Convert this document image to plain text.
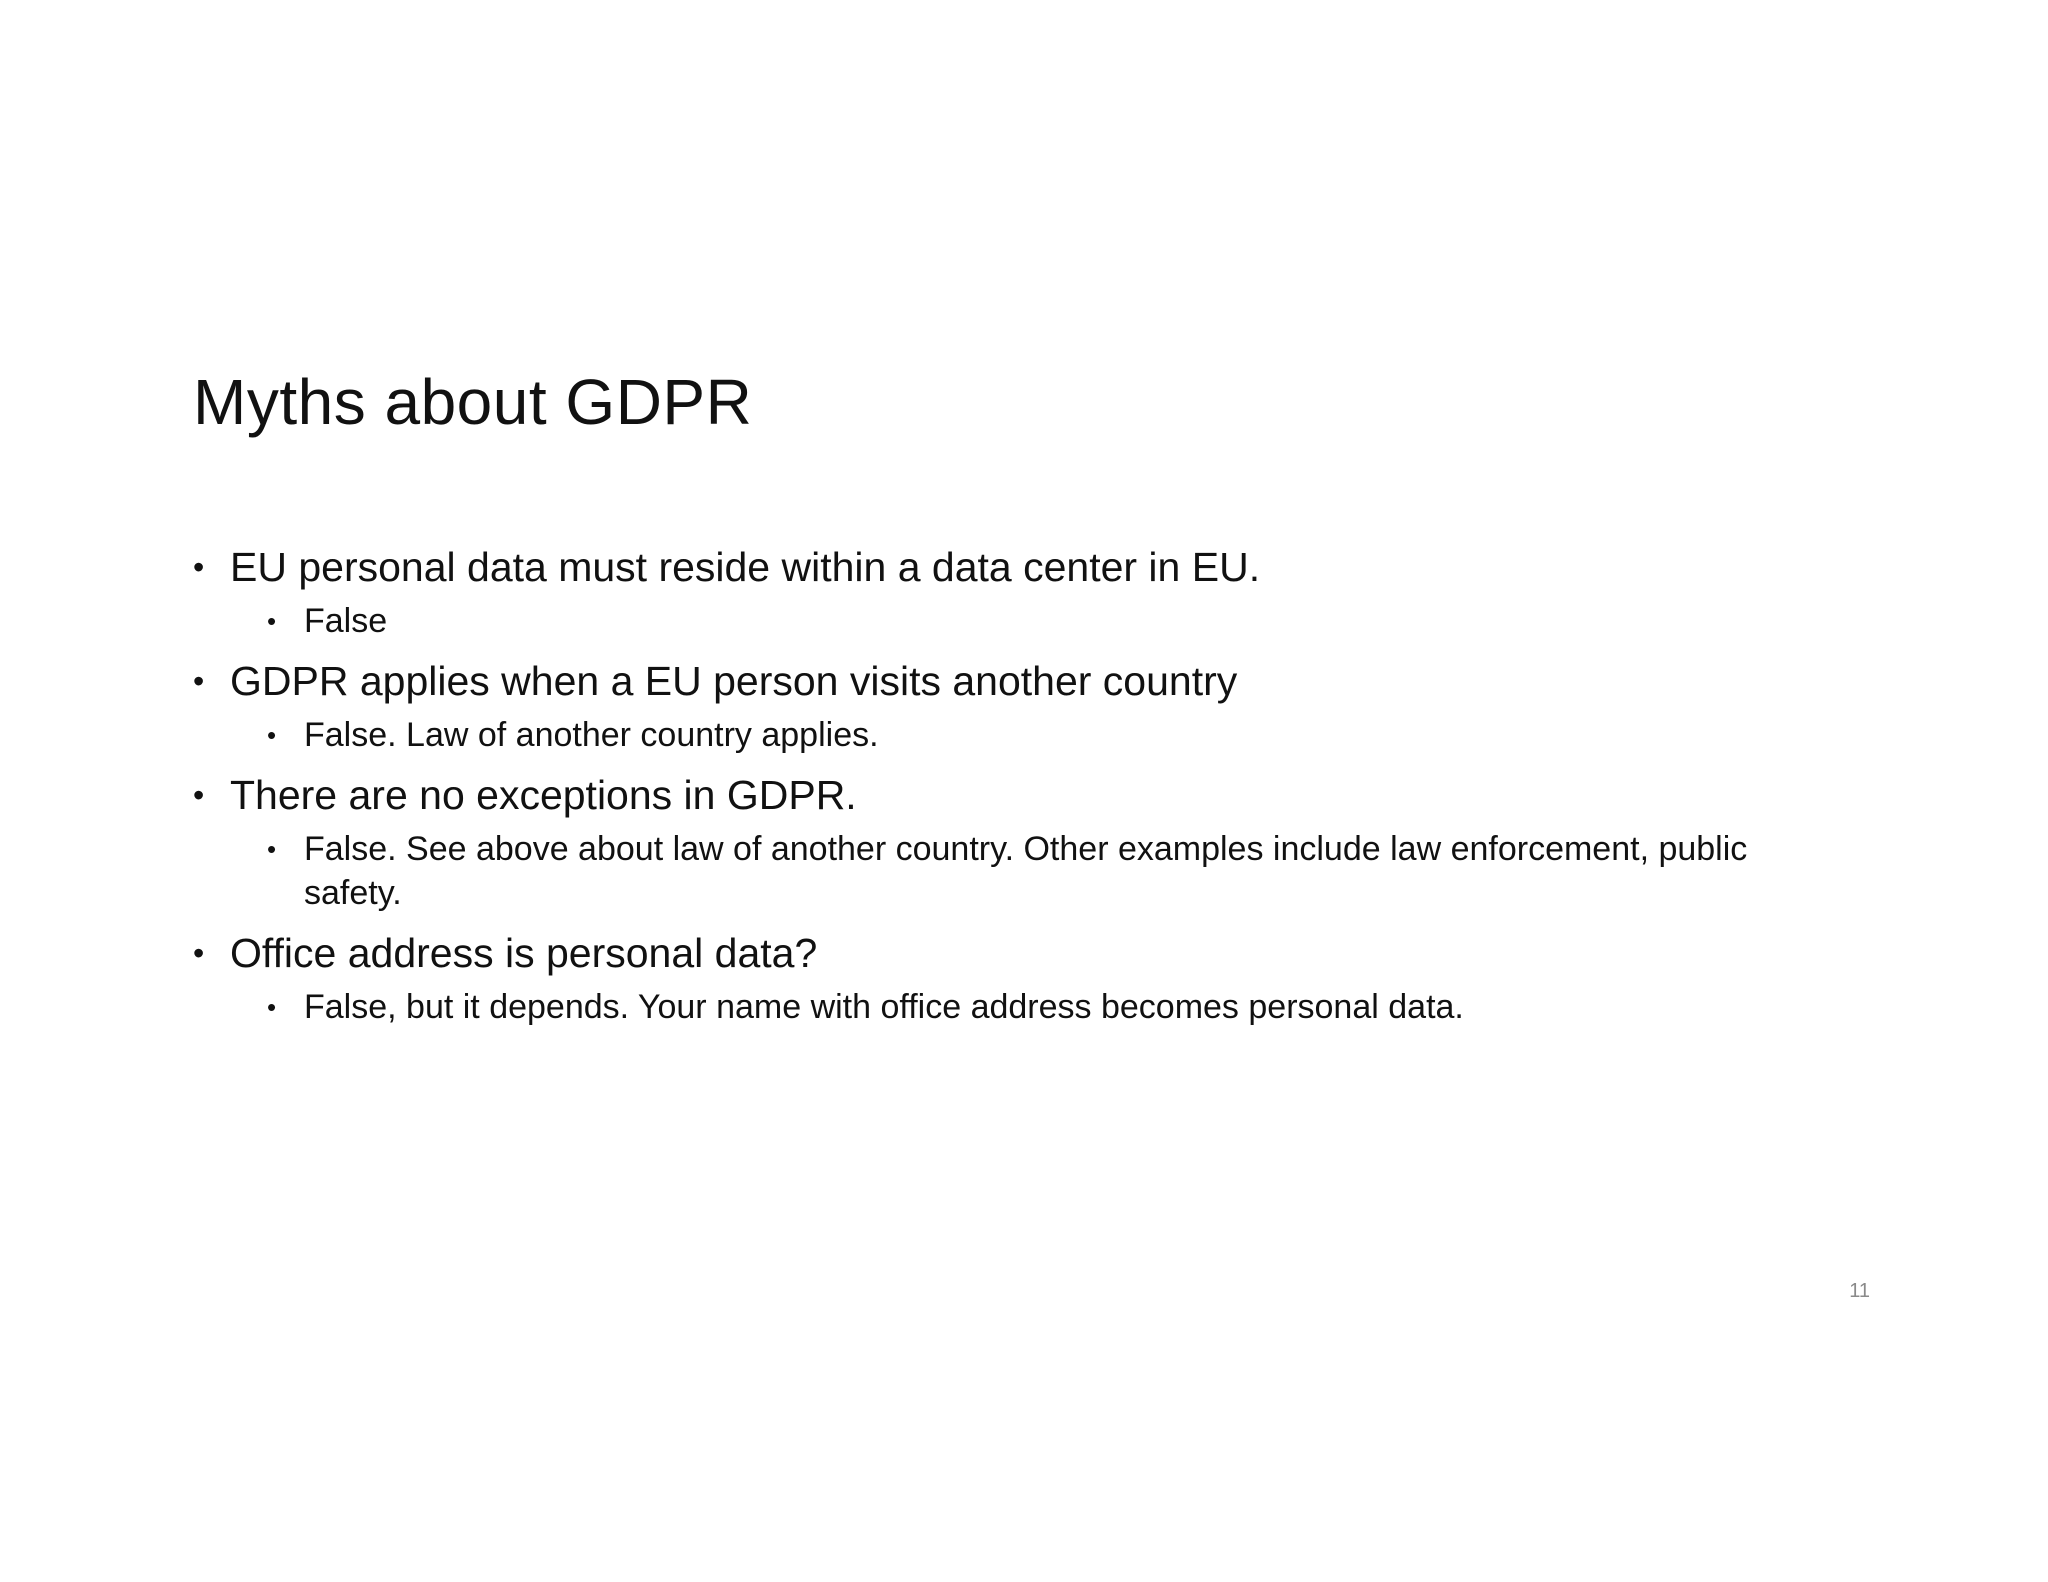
Myths about GDPR
• EU personal data must reside within a data center in EU.
• False
• GDPR applies when a EU person visits another country
• False. Law of another country applies.
• There are no exceptions in GDPR.
• False. See above about law of another country. Other examples include law enforcement, public safety.
• Office address is personal data?
• False, but it depends. Your name with office address becomes personal data.
11
